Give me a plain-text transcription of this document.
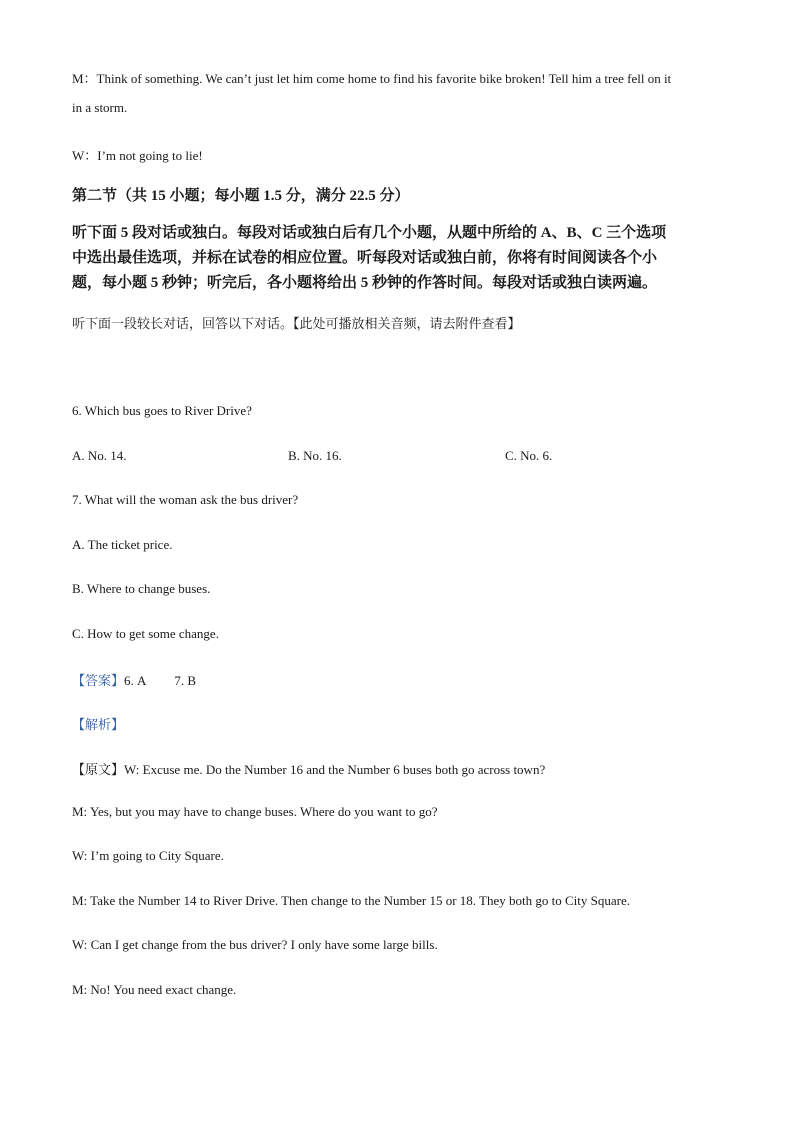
M：Think of something. We can’t just let him come home to find his favorite bike broken! Tell him a tree fell on it
in a storm.
W：I’m not going to lie!
第二节（共 15 小题；每小题 1.5 分，满分 22.5 分）
听下面 5 段对话或独白。每段对话或独白后有几个小题，从题中所给的 A、B、C 三个选项
中选出最佳选项，并标在试卷的相应位置。听每段对话或独白前，你将有时间阅读各个小
题，每小题 5 秒钟；听完后，各小题将给出 5 秒钟的作答时间。每段对话或独白读两遍。
听下面一段较长对话，回答以下对话。【此处可播放相关音频，请去附件查看】
6. Which bus goes to River Drive?
A. No. 14.	B. No. 16.	C. No. 6.
7. What will the woman ask the bus driver?
A. The ticket price.
B. Where to change buses.
C. How to get some change.
【答案】6. A 7. B
【解析】
【原文】W: Excuse me. Do the Number 16 and the Number 6 buses both go across town?
M: Yes, but you may have to change buses. Where do you want to go?
W: I’m going to City Square.
M: Take the Number 14 to River Drive. Then change to the Number 15 or 18. They both go to City Square.
W: Can I get change from the bus driver? I only have some large bills.
M: No! You need exact change.
